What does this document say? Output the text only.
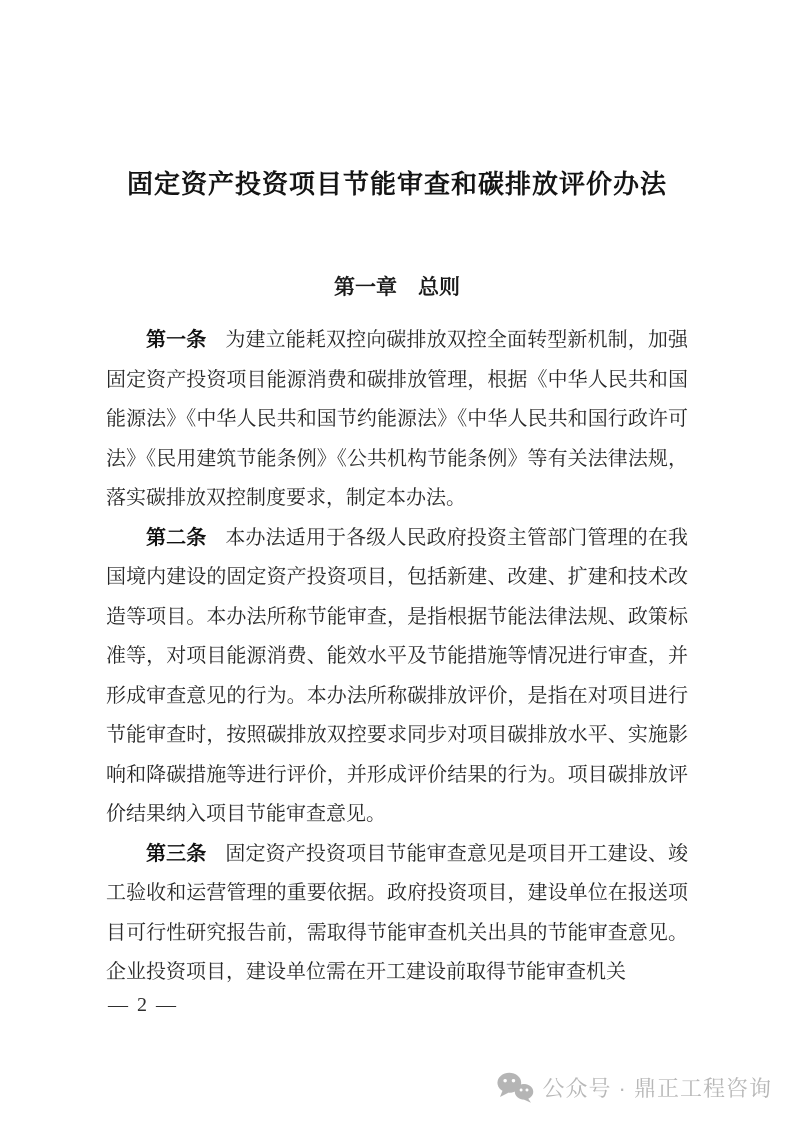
固定资产投资项目节能审查和碳排放评价办法
第一章　总则

第一条 为建立能耗双控向碳排放双控全面转型新机制，加强固定资产投资项目能源消费和碳排放管理，根据《中华人民共和国能源法》《中华人民共和国节约能源法》《中华人民共和国行政许可法》《民用建筑节能条例》《公共机构节能条例》等有关法律法规，落实碳排放双控制度要求，制定本办法。

第二条 本办法适用于各级人民政府投资主管部门管理的在我国境内建设的固定资产投资项目，包括新建、改建、扩建和技术改造等项目。本办法所称节能审查，是指根据节能法律法规、政策标准等，对项目能源消费、能效水平及节能措施等情况进行审查，并形成审查意见的行为。本办法所称碳排放评价，是指在对项目进行节能审查时，按照碳排放双控要求同步对项目碳排放水平、实施影响和降碳措施等进行评价，并形成评价结果的行为。项目碳排放评价结果纳入项目节能审查意见。

第三条 固定资产投资项目节能审查意见是项目开工建设、竣工验收和运营管理的重要依据。政府投资项目，建设单位在报送项目可行性研究报告前，需取得节能审查机关出具的节能审查意见。企业投资项目，建设单位需在开工建设前取得节能审查机关

— 2 —
公众号 · 鼎正工程咨询
